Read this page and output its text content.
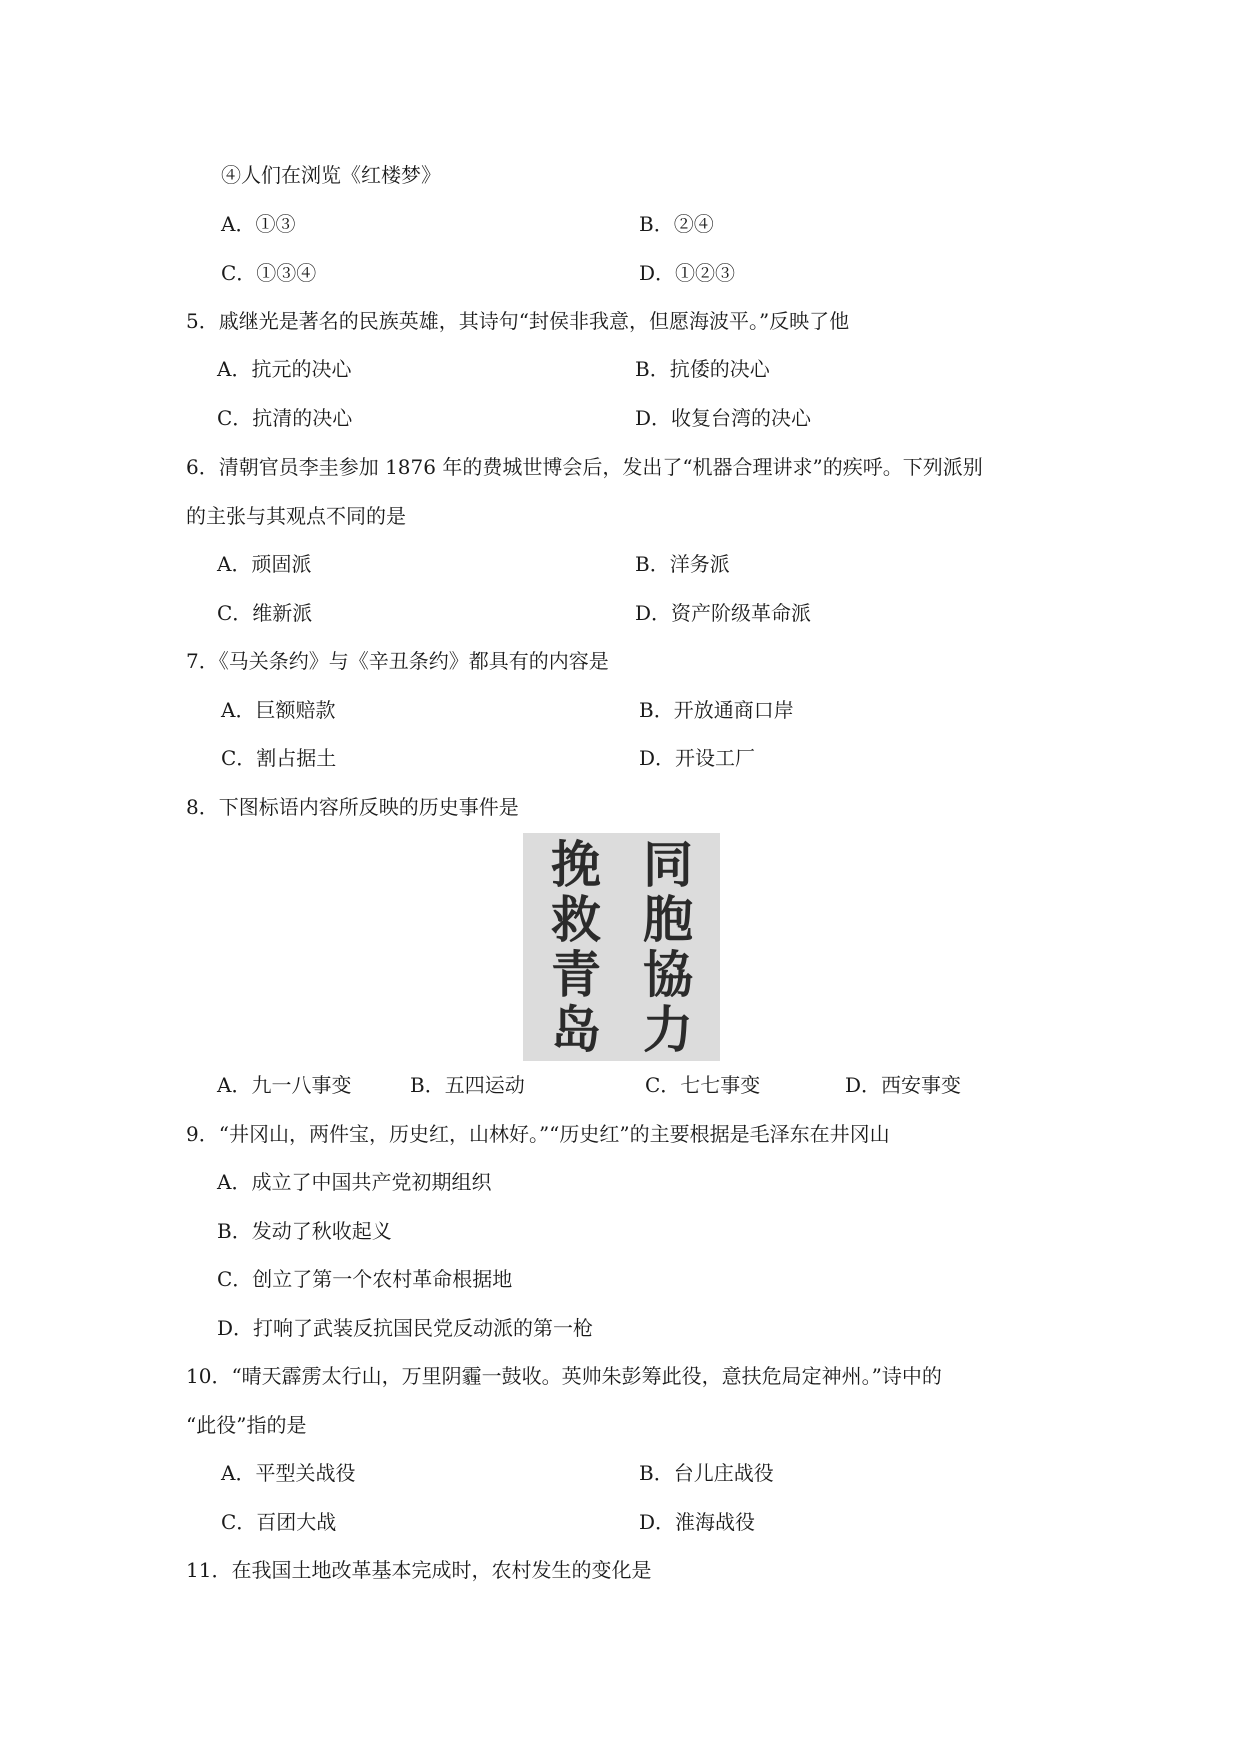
④人们在浏览《红楼梦》
A．①③	B．②④
C．①③④	D．①②③
5．戚继光是著名的民族英雄，其诗句“封侯非我意，但愿海波平。”反映了他
A．抗元的决心	B．抗倭的决心
C．抗清的决心	D．收复台湾的决心
6．清朝官员李圭参加 1876 年的费城世博会后，发出了“机器合理讲求”的疾呼。下列派别
的主张与其观点不同的是
A．顽固派	B．洋务派
C．维新派	D．资产阶级革命派
7．《马关条约》与《辛丑条约》都具有的内容是
A．巨额赔款	B．开放通商口岸
C．割占据土	D．开设工厂
8．下图标语内容所反映的历史事件是
挽
救
青
岛
同
胞
協
力
A．九一八事变	B．五四运动	C．七七事变	D．西安事变
9．“井冈山，两件宝，历史红，山林好。”“历史红”的主要根据是毛泽东在井冈山
A．成立了中国共产党初期组织
B．发动了秋收起义
C．创立了第一个农村革命根据地
D．打响了武装反抗国民党反动派的第一枪
10．“晴天霹雳太行山，万里阴霾一鼓收。英帅朱彭筹此役，意扶危局定神州。”诗中的
“此役”指的是
A．平型关战役	B．台儿庄战役
C．百团大战	D．淮海战役
11．在我国土地改革基本完成时，农村发生的变化是
